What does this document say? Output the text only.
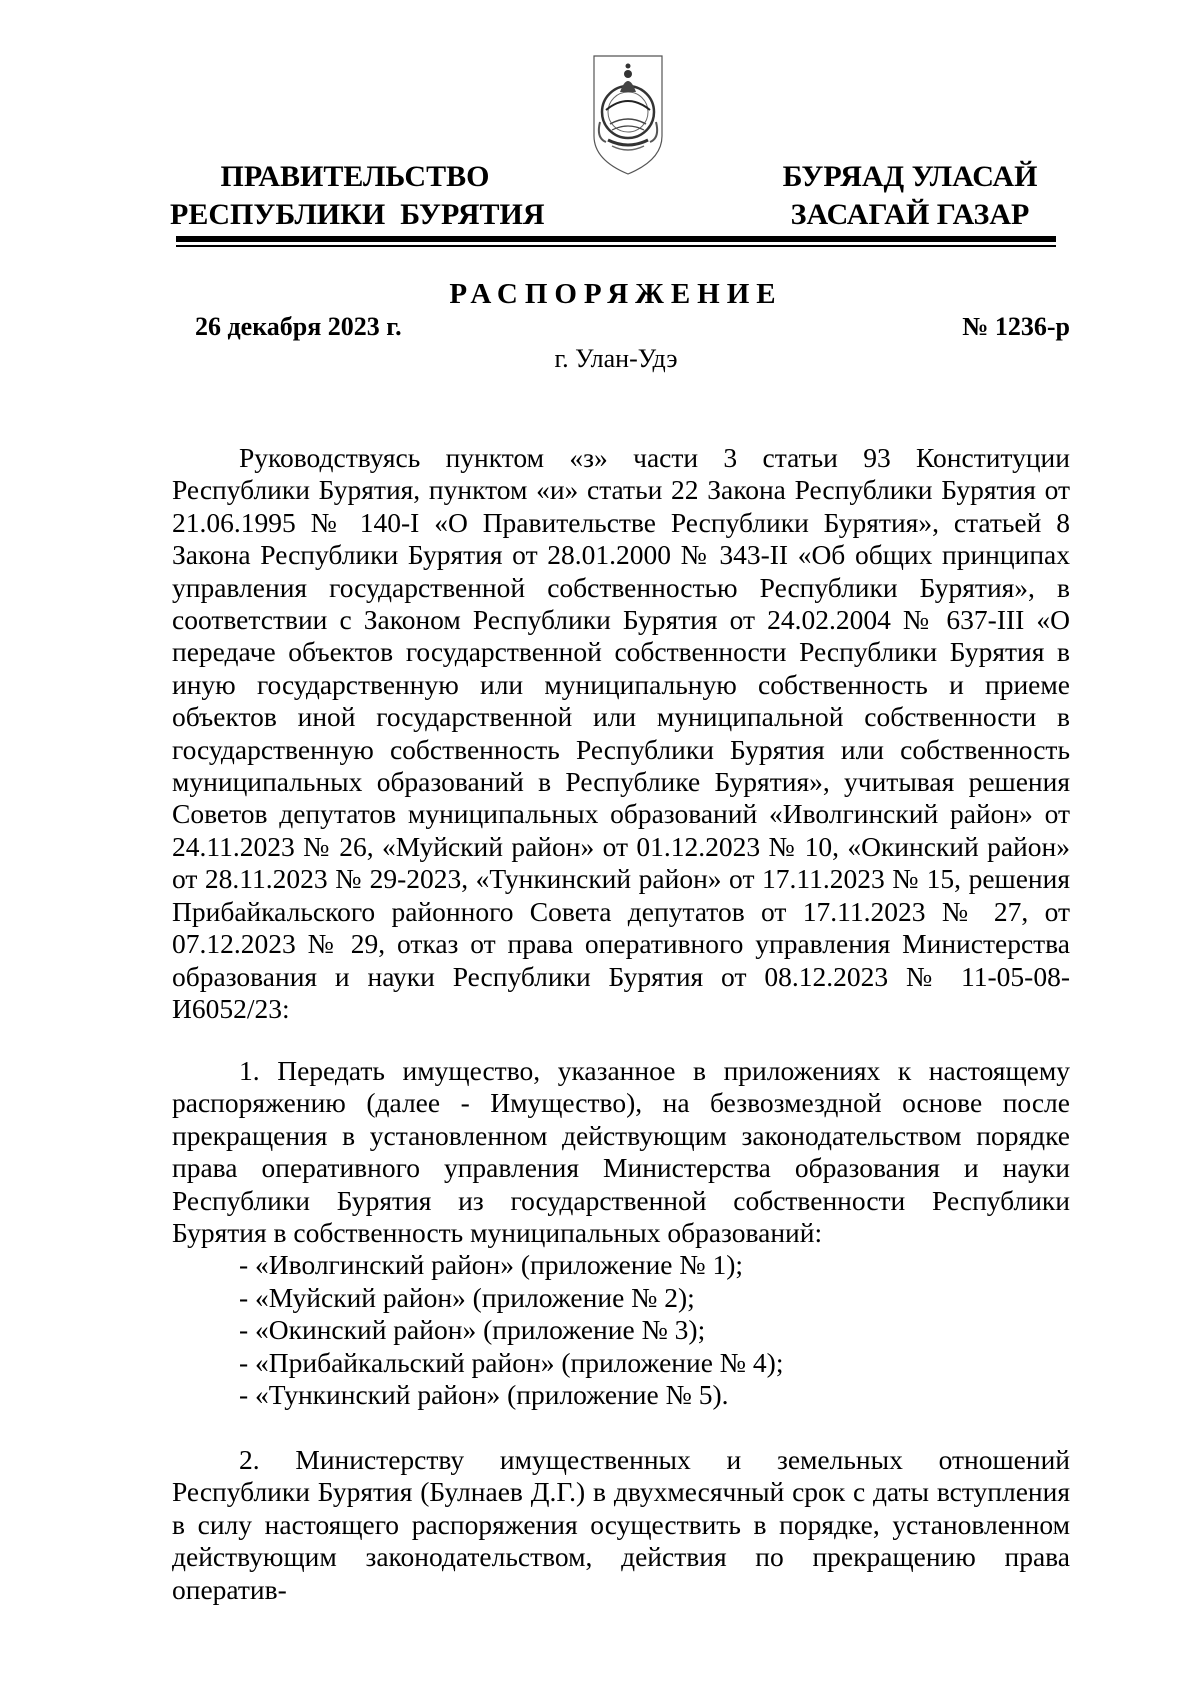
ПРАВИТЕЛЬСТВО
РЕСПУБЛИКИ  БУРЯТИЯ
БУРЯАД УЛАСАЙ
ЗАСАГАЙ ГАЗАР
РАСПОРЯЖЕНИЕ
26 декабря 2023 г.	№ 1236-р
г. Улан-Удэ

Руководствуясь пунктом «з» части 3 статьи 93 Конституции Республики Бурятия, пунктом «и» статьи 22 Закона Республики Бурятия от 21.06.1995 № 140-I «О Правительстве Республики Бурятия», статьей 8 Закона Республики Бурятия от 28.01.2000 № 343-II «Об общих принципах управления государственной собственностью Республики Бурятия», в соответствии с Законом Республики Бурятия от 24.02.2004 № 637-III «О передаче объектов государственной собственности Республики Бурятия в иную государственную или муниципальную собственность и приеме объектов иной государственной или муниципальной собственности в государственную собственность Республики Бурятия или собственность муниципальных образований в Республике Бурятия», учитывая решения Советов депутатов муниципальных образований «Иволгинский район» от 24.11.2023 № 26, «Муйский район» от 01.12.2023 № 10, «Окинский район» от 28.11.2023 № 29-2023, «Тункинский район» от 17.11.2023 № 15, решения Прибайкальского районного Совета депутатов от 17.11.2023 № 27, от 07.12.2023 № 29, отказ от права оперативного управления Министерства образования и науки Республики Бурятия от 08.12.2023 № 11-05-08-И6052/23:

1. Передать имущество, указанное в приложениях к настоящему распоряжению (далее - Имущество), на безвозмездной основе после прекращения в установленном действующим законодательством порядке права оперативного управления Министерства образования и науки Республики Бурятия из государственной собственности Республики Бурятия в собственность муниципальных образований:

- «Иволгинский район» (приложение № 1);
- «Муйский район» (приложение № 2);
- «Окинский район» (приложение № 3);
- «Прибайкальский район» (приложение № 4);
- «Тункинский район» (приложение № 5).

2. Министерству имущественных и земельных отношений Республики Бурятия (Булнаев Д.Г.) в двухмесячный срок с даты вступления в силу настоящего распоряжения осуществить в порядке, установленном действующим законодательством, действия по прекращению права оператив-
